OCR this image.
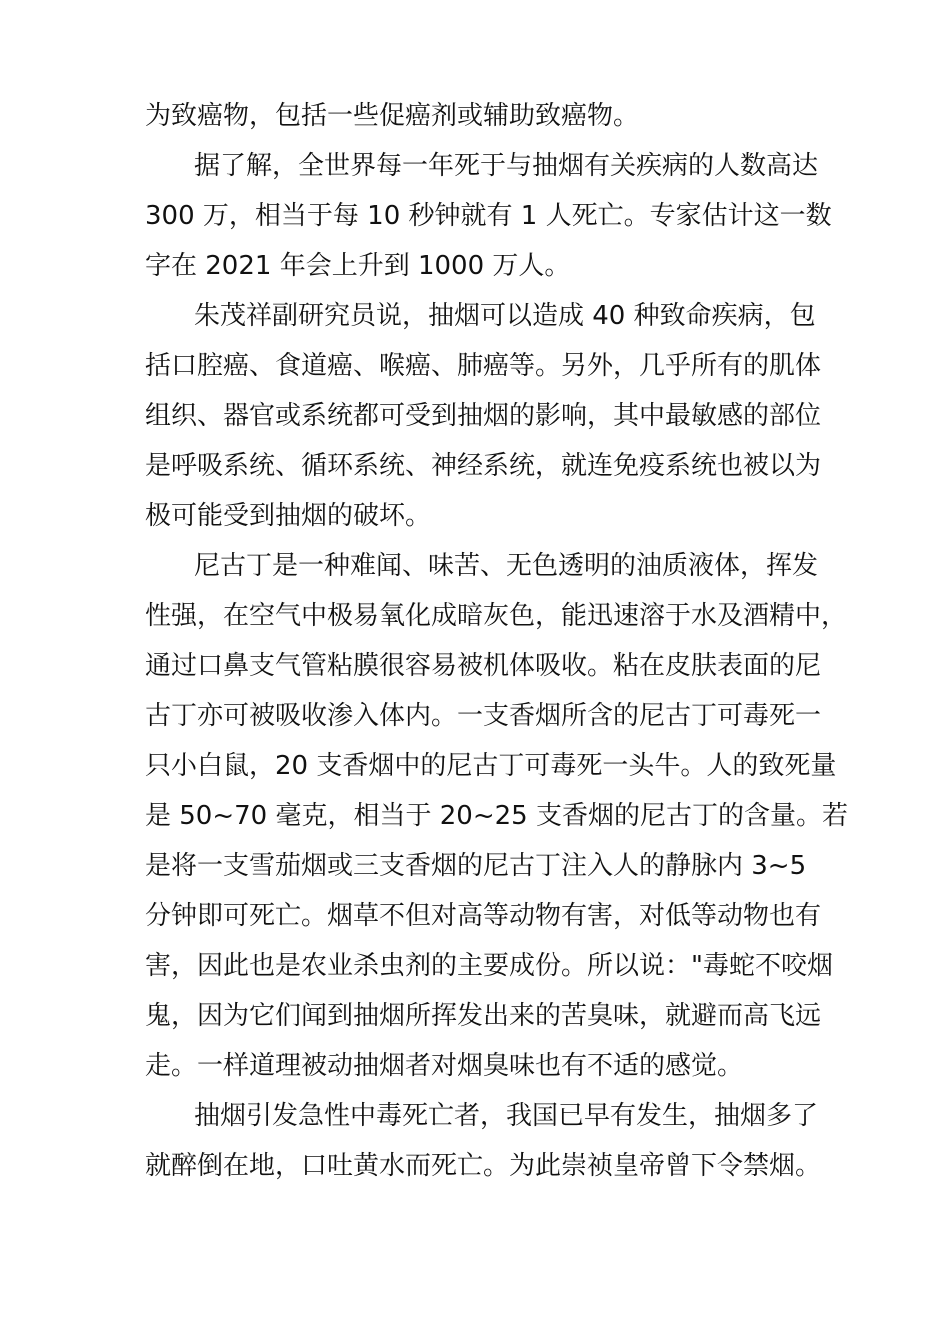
为致癌物，包括一些促癌剂或辅助致癌物。
据了解，全世界每一年死于与抽烟有关疾病的人数高达
300 万，相当于每 10 秒钟就有 1 人死亡。专家估计这一数
字在 2021 年会上升到 1000 万人。
朱茂祥副研究员说，抽烟可以造成 40 种致命疾病，包
括口腔癌、食道癌、喉癌、肺癌等。另外，几乎所有的肌体
组织、器官或系统都可受到抽烟的影响，其中最敏感的部位
是呼吸系统、循环系统、神经系统，就连免疫系统也被以为
极可能受到抽烟的破坏。
尼古丁是一种难闻、味苦、无色透明的油质液体，挥发
性强，在空气中极易氧化成暗灰色，能迅速溶于水及酒精中，
通过口鼻支气管粘膜很容易被机体吸收。粘在皮肤表面的尼
古丁亦可被吸收渗入体内。一支香烟所含的尼古丁可毒死一
只小白鼠，20 支香烟中的尼古丁可毒死一头牛。人的致死量
是 50~70 毫克，相当于 20~25 支香烟的尼古丁的含量。若
是将一支雪茄烟或三支香烟的尼古丁注入人的静脉内 3~5
分钟即可死亡。烟草不但对高等动物有害，对低等动物也有
害，因此也是农业杀虫剂的主要成份。所以说："毒蛇不咬烟
鬼，因为它们闻到抽烟所挥发出来的苦臭味，就避而高飞远
走。一样道理被动抽烟者对烟臭味也有不适的感觉。
抽烟引发急性中毒死亡者，我国已早有发生，抽烟多了
就醉倒在地，口吐黄水而死亡。为此崇祯皇帝曾下令禁烟。
